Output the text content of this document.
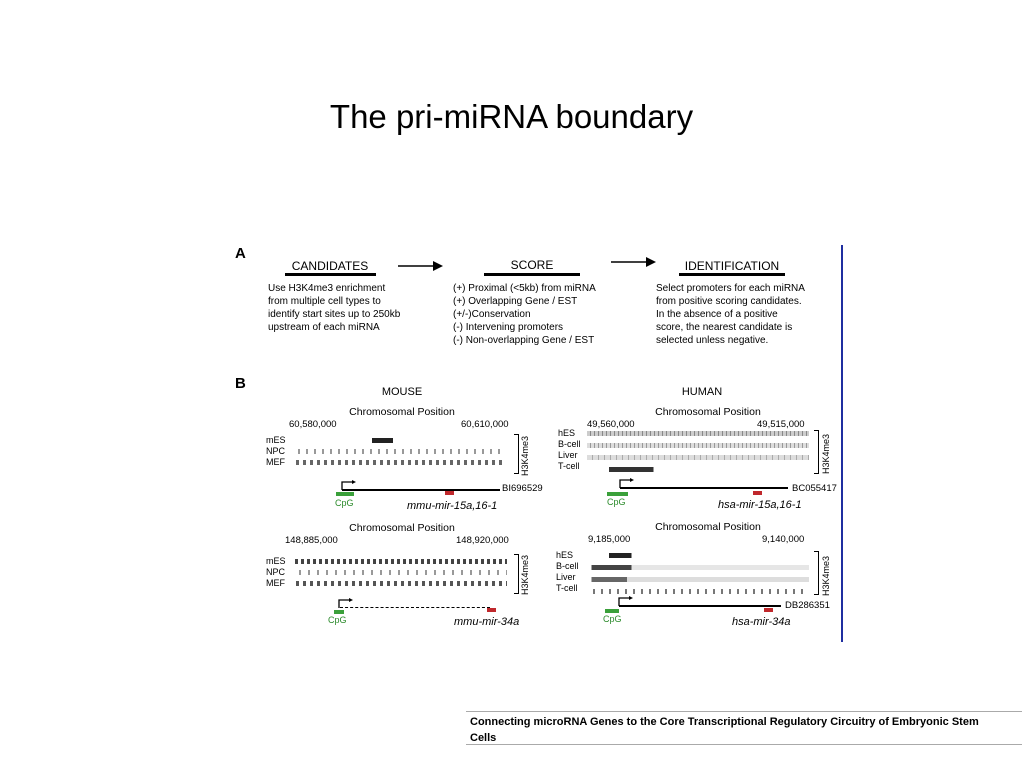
The pri-miRNA boundary
A
CANDIDATES
Use H3K4me3 enrichment
from multiple cell types to
identify start sites up to 250kb
upstream of each miRNA
SCORE
(+) Proximal (<5kb) from miRNA
(+) Overlapping Gene / EST
(+/-)Conservation
(-) Intervening promoters
(-) Non-overlapping Gene / EST
IDENTIFICATION
Select promoters for each miRNA
from positive scoring candidates.
In the absence of a positive
score, the nearest candidate is
selected unless negative.
B	MOUSE	HUMAN
Chromosomal Position
60,580,000	60,610,000
mES
NPC
MEF	H3K4me3
BI696529
CpG	mmu-mir-15a,16-1
Chromosomal Position
148,885,000	148,920,000
mES
NPC
MEF	H3K4me3
CpG	mmu-mir-34a
Chromosomal Position
49,560,000	49,515,000
hES
B-cell
Liver
T-cell	H3K4me3
BC055417
CpG	hsa-mir-15a,16-1
Chromosomal Position
9,185,000	9,140,000
hES
B-cell
Liver
T-cell	H3K4me3
DB286351
CpG	hsa-mir-34a
Connecting microRNA Genes to the Core Transcriptional Regulatory Circuitry of Embryonic Stem
Cells
